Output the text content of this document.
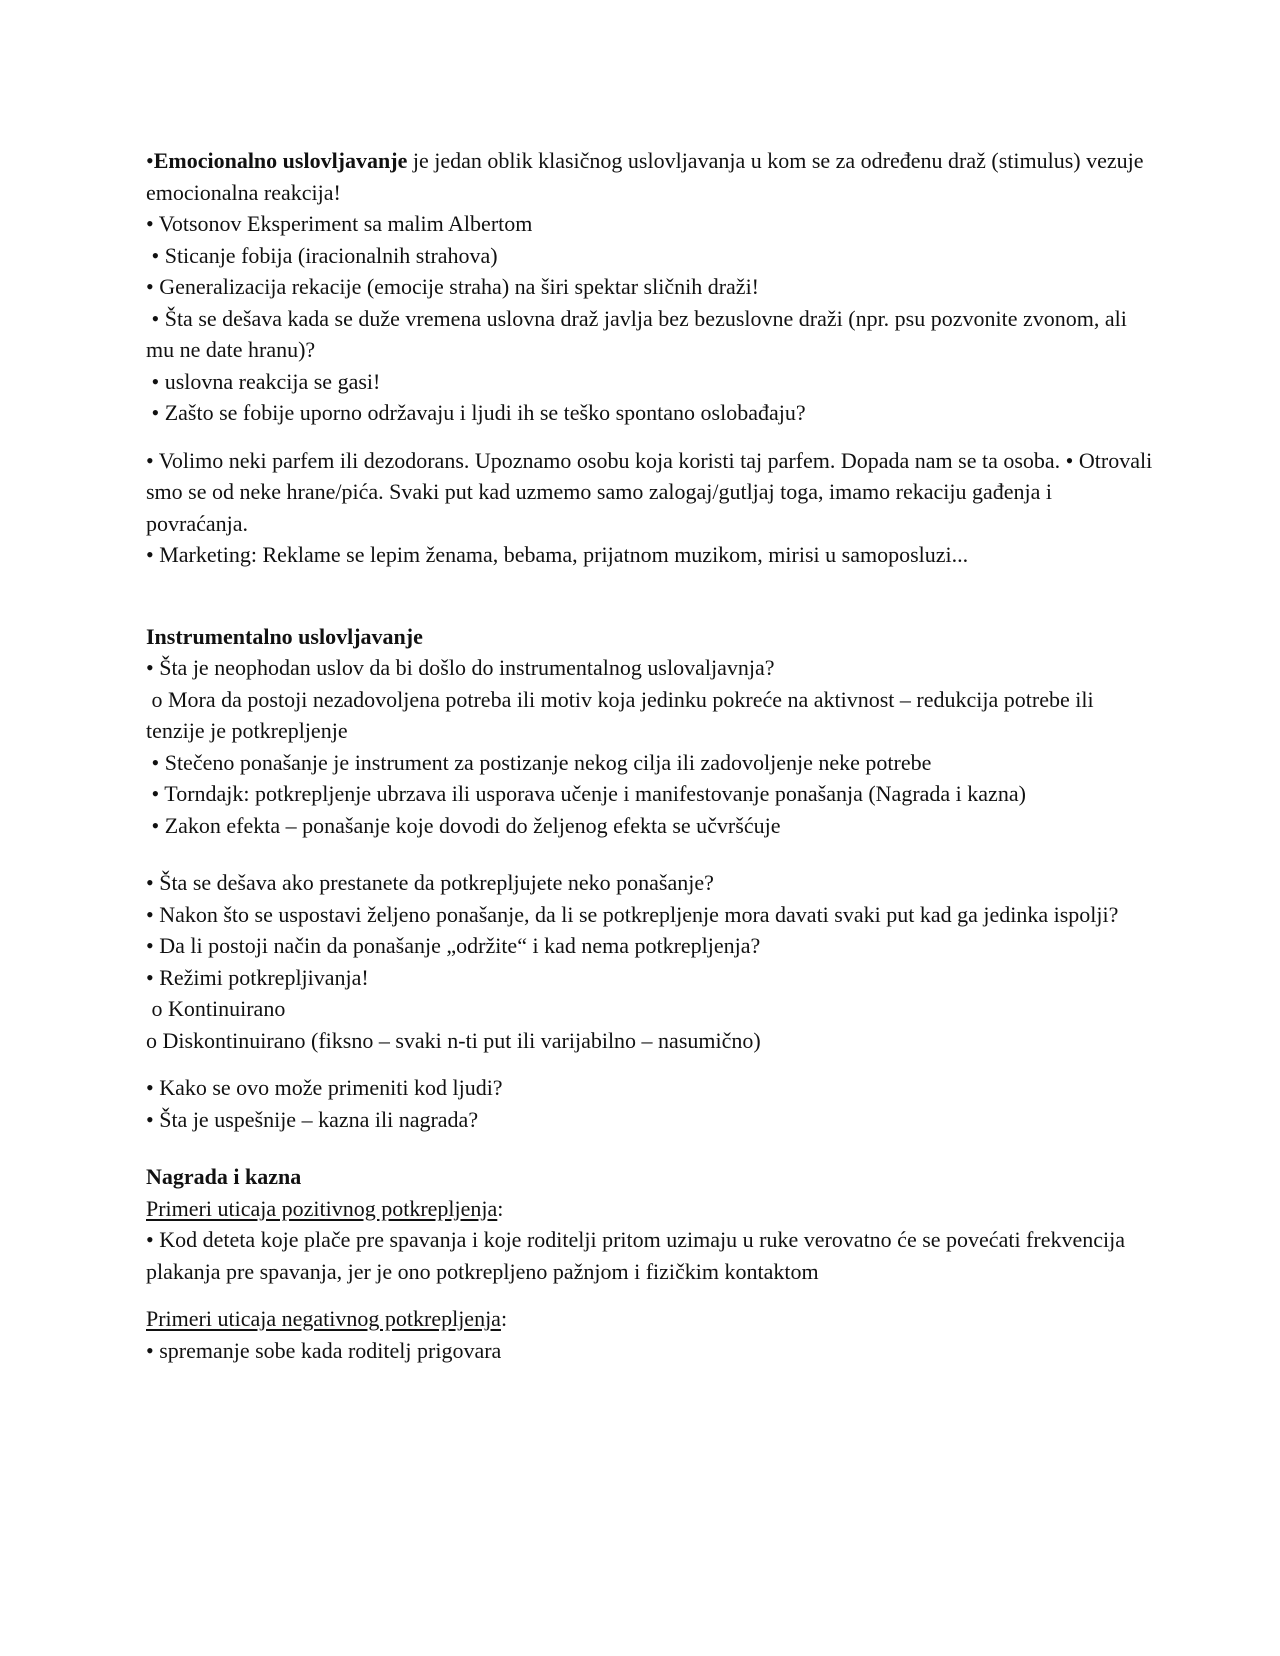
•Emocionalno uslovljavanje je jedan oblik klasičnog uslovljavanja u kom se za određenu draž (stimulus) vezuje emocionalna reakcija!

• Votsonov Eksperiment sa malim Albertom

• Sticanje fobija (iracionalnih strahova)

• Generalizacija rekacije (emocije straha) na širi spektar sličnih draži!

• Šta se dešava kada se duže vremena uslovna draž javlja bez bezuslovne draži (npr. psu pozvonite zvonom, ali mu ne date hranu)?

• uslovna reakcija se gasi!

• Zašto se fobije uporno održavaju i ljudi ih se teško spontano oslobađaju?

• Volimo neki parfem ili dezodorans. Upoznamo osobu koja koristi taj parfem. Dopada nam se ta osoba. • Otrovali smo se od neke hrane/pića. Svaki put kad uzmemo samo zalogaj/gutljaj toga, imamo rekaciju gađenja i povraćanja.

• Marketing: Reklame se lepim ženama, bebama, prijatnom muzikom, mirisi u samoposluzi...

Instrumentalno uslovljavanje

• Šta je neophodan uslov da bi došlo do instrumentalnog uslovaljavnja?

o Mora da postoji nezadovoljena potreba ili motiv koja jedinku pokreće na aktivnost – redukcija potrebe ili tenzije je potkrepljenje

• Stečeno ponašanje je instrument za postizanje nekog cilja ili zadovoljenje neke potrebe

• Torndajk: potkrepljenje ubrzava ili usporava učenje i manifestovanje ponašanja (Nagrada i kazna)

• Zakon efekta – ponašanje koje dovodi do željenog efekta se učvršćuje

• Šta se dešava ako prestanete da potkrepljujete neko ponašanje?

• Nakon što se uspostavi željeno ponašanje, da li se potkrepljenje mora davati svaki put kad ga jedinka ispolji?

• Da li postoji način da ponašanje „održite“ i kad nema potkrepljenja?

• Režimi potkrepljivanja!

o Kontinuirano

o Diskontinuirano (fiksno – svaki n-ti put ili varijabilno – nasumično)

• Kako se ovo može primeniti kod ljudi?

• Šta je uspešnije – kazna ili nagrada?

Nagrada i kazna

Primeri uticaja pozitivnog potkrepljenja:

• Kod deteta koje plače pre spavanja i koje roditelji pritom uzimaju u ruke verovatno će se povećati frekvencija plakanja pre spavanja, jer je ono potkrepljeno pažnjom i fizičkim kontaktom

Primeri uticaja negativnog potkrepljenja:

• spremanje sobe kada roditelj prigovara
